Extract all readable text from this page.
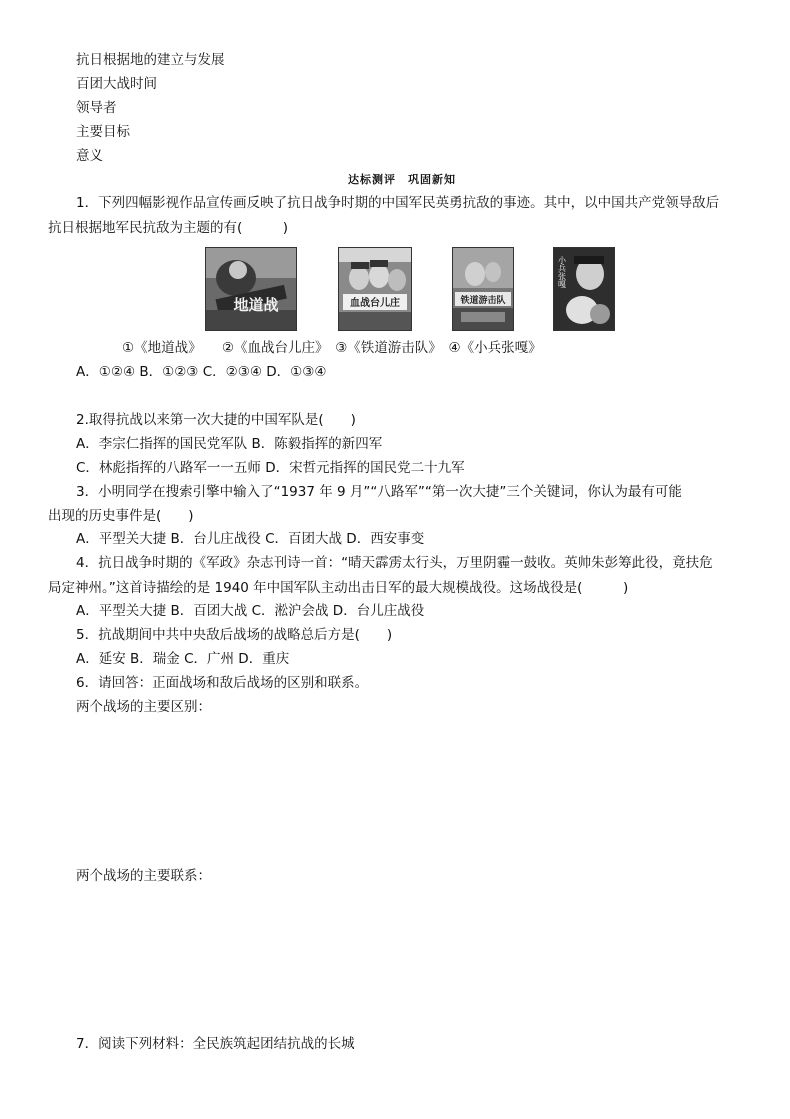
抗日根据地的建立与发展
百团大战时间
领导者
主要目标
意义
达标测评　巩固新知
1．下列四幅影视作品宣传画反映了抗日战争时期的中国军民英勇抗敌的事迹。其中，以中国共产党领导敌后
抗日根据地军民抗敌为主题的有(　　　)
地道战	血战台儿庄	铁道游击队
小兵张嘎
①《地道战》　　②《血战台儿庄》　③《铁道游击队》　④《小兵张嘎》
A．①②④ B．①②③ C．②③④ D．①③④
2.取得抗战以来第一次大捷的中国军队是(　　)
A．李宗仁指挥的国民党军队 B．陈毅指挥的新四军
C．林彪指挥的八路军一一五师 D．宋哲元指挥的国民党二十九军
3．小明同学在搜索引擎中输入了“1937 年 9 月”“八路军”“第一次大捷”三个关键词，你认为最有可能
出现的历史事件是(　　)
A．平型关大捷 B．台儿庄战役 C．百团大战 D．西安事变
4．抗日战争时期的《军政》杂志刊诗一首：“晴天霹雳太行头，万里阴霾一鼓收。英帅朱彭筹此役，竟扶危
局定神州。”这首诗描绘的是 1940 年中国军队主动出击日军的最大规模战役。这场战役是(　　　)
A．平型关大捷 B．百团大战 C．淞沪会战 D．台儿庄战役
5．抗战期间中共中央敌后战场的战略总后方是(　　)
A．延安 B．瑞金 C．广州 D．重庆
6．请回答：正面战场和敌后战场的区别和联系。
两个战场的主要区别：
两个战场的主要联系：
7．阅读下列材料：全民族筑起团结抗战的长城
